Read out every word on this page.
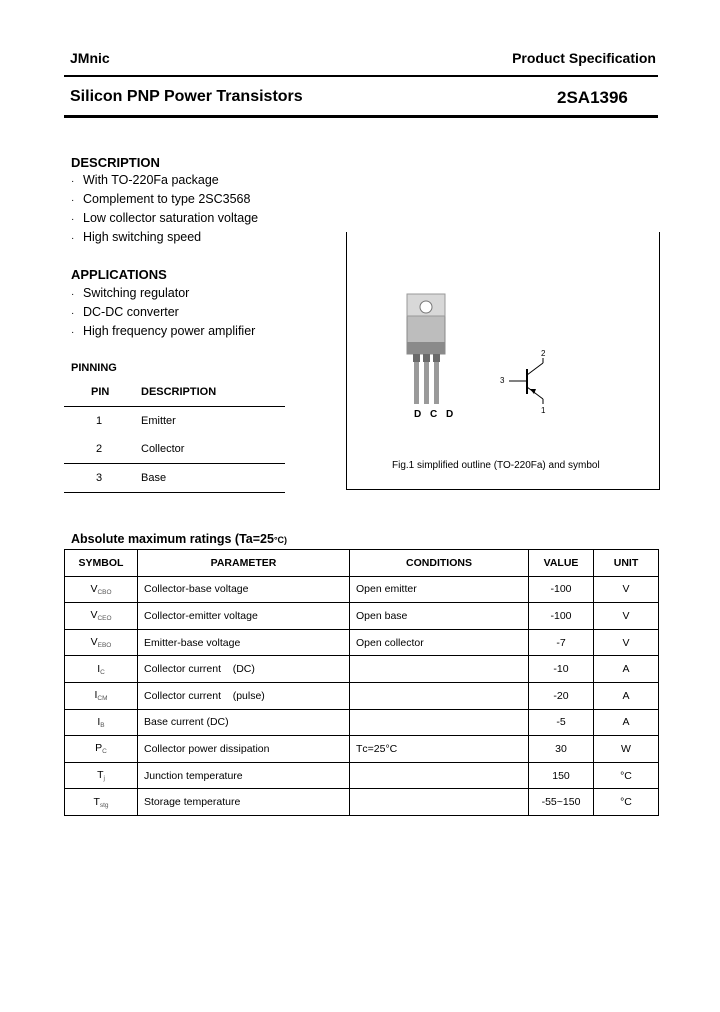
JMnic	Product Specification
Silicon PNP Power Transistors	2SA1396
DESCRIPTION
· With TO-220Fa package
· Complement to type 2SC3568
· Low collector saturation voltage
· High switching speed
APPLICATIONS
· Switching regulator
· DC-DC converter
· High frequency power amplifier
PINNING
PIN	DESCRIPTION
1	Emitter
2	Collector
3	Base
D C D
2
3
1
Fig.1 simplified outline (TO-220Fa) and symbol
Absolute maximum ratings (Ta=25°C)
SYMBOL	PARAMETER	CONDITIONS	VALUE	UNIT
$V_{CBO}$	Collector-base voltage	Open emitter	-100	V
$V_{CEO}$	Collector-emitter voltage	Open base	-100	V
$V_{EBO}$	Emitter-base voltage	Open collector	-7	V
$I_C$	Collector current    (DC)		-10	A
$I_{CM}$	Collector current    (pulse)		-20	A
$I_B$	Base current (DC)		-5	A
$P_C$	Collector power dissipation	Tᴄ=25°C	30	W
$T_j$	Junction temperature		150	°C
$T_{stg}$	Storage temperature		-55~150	°C
